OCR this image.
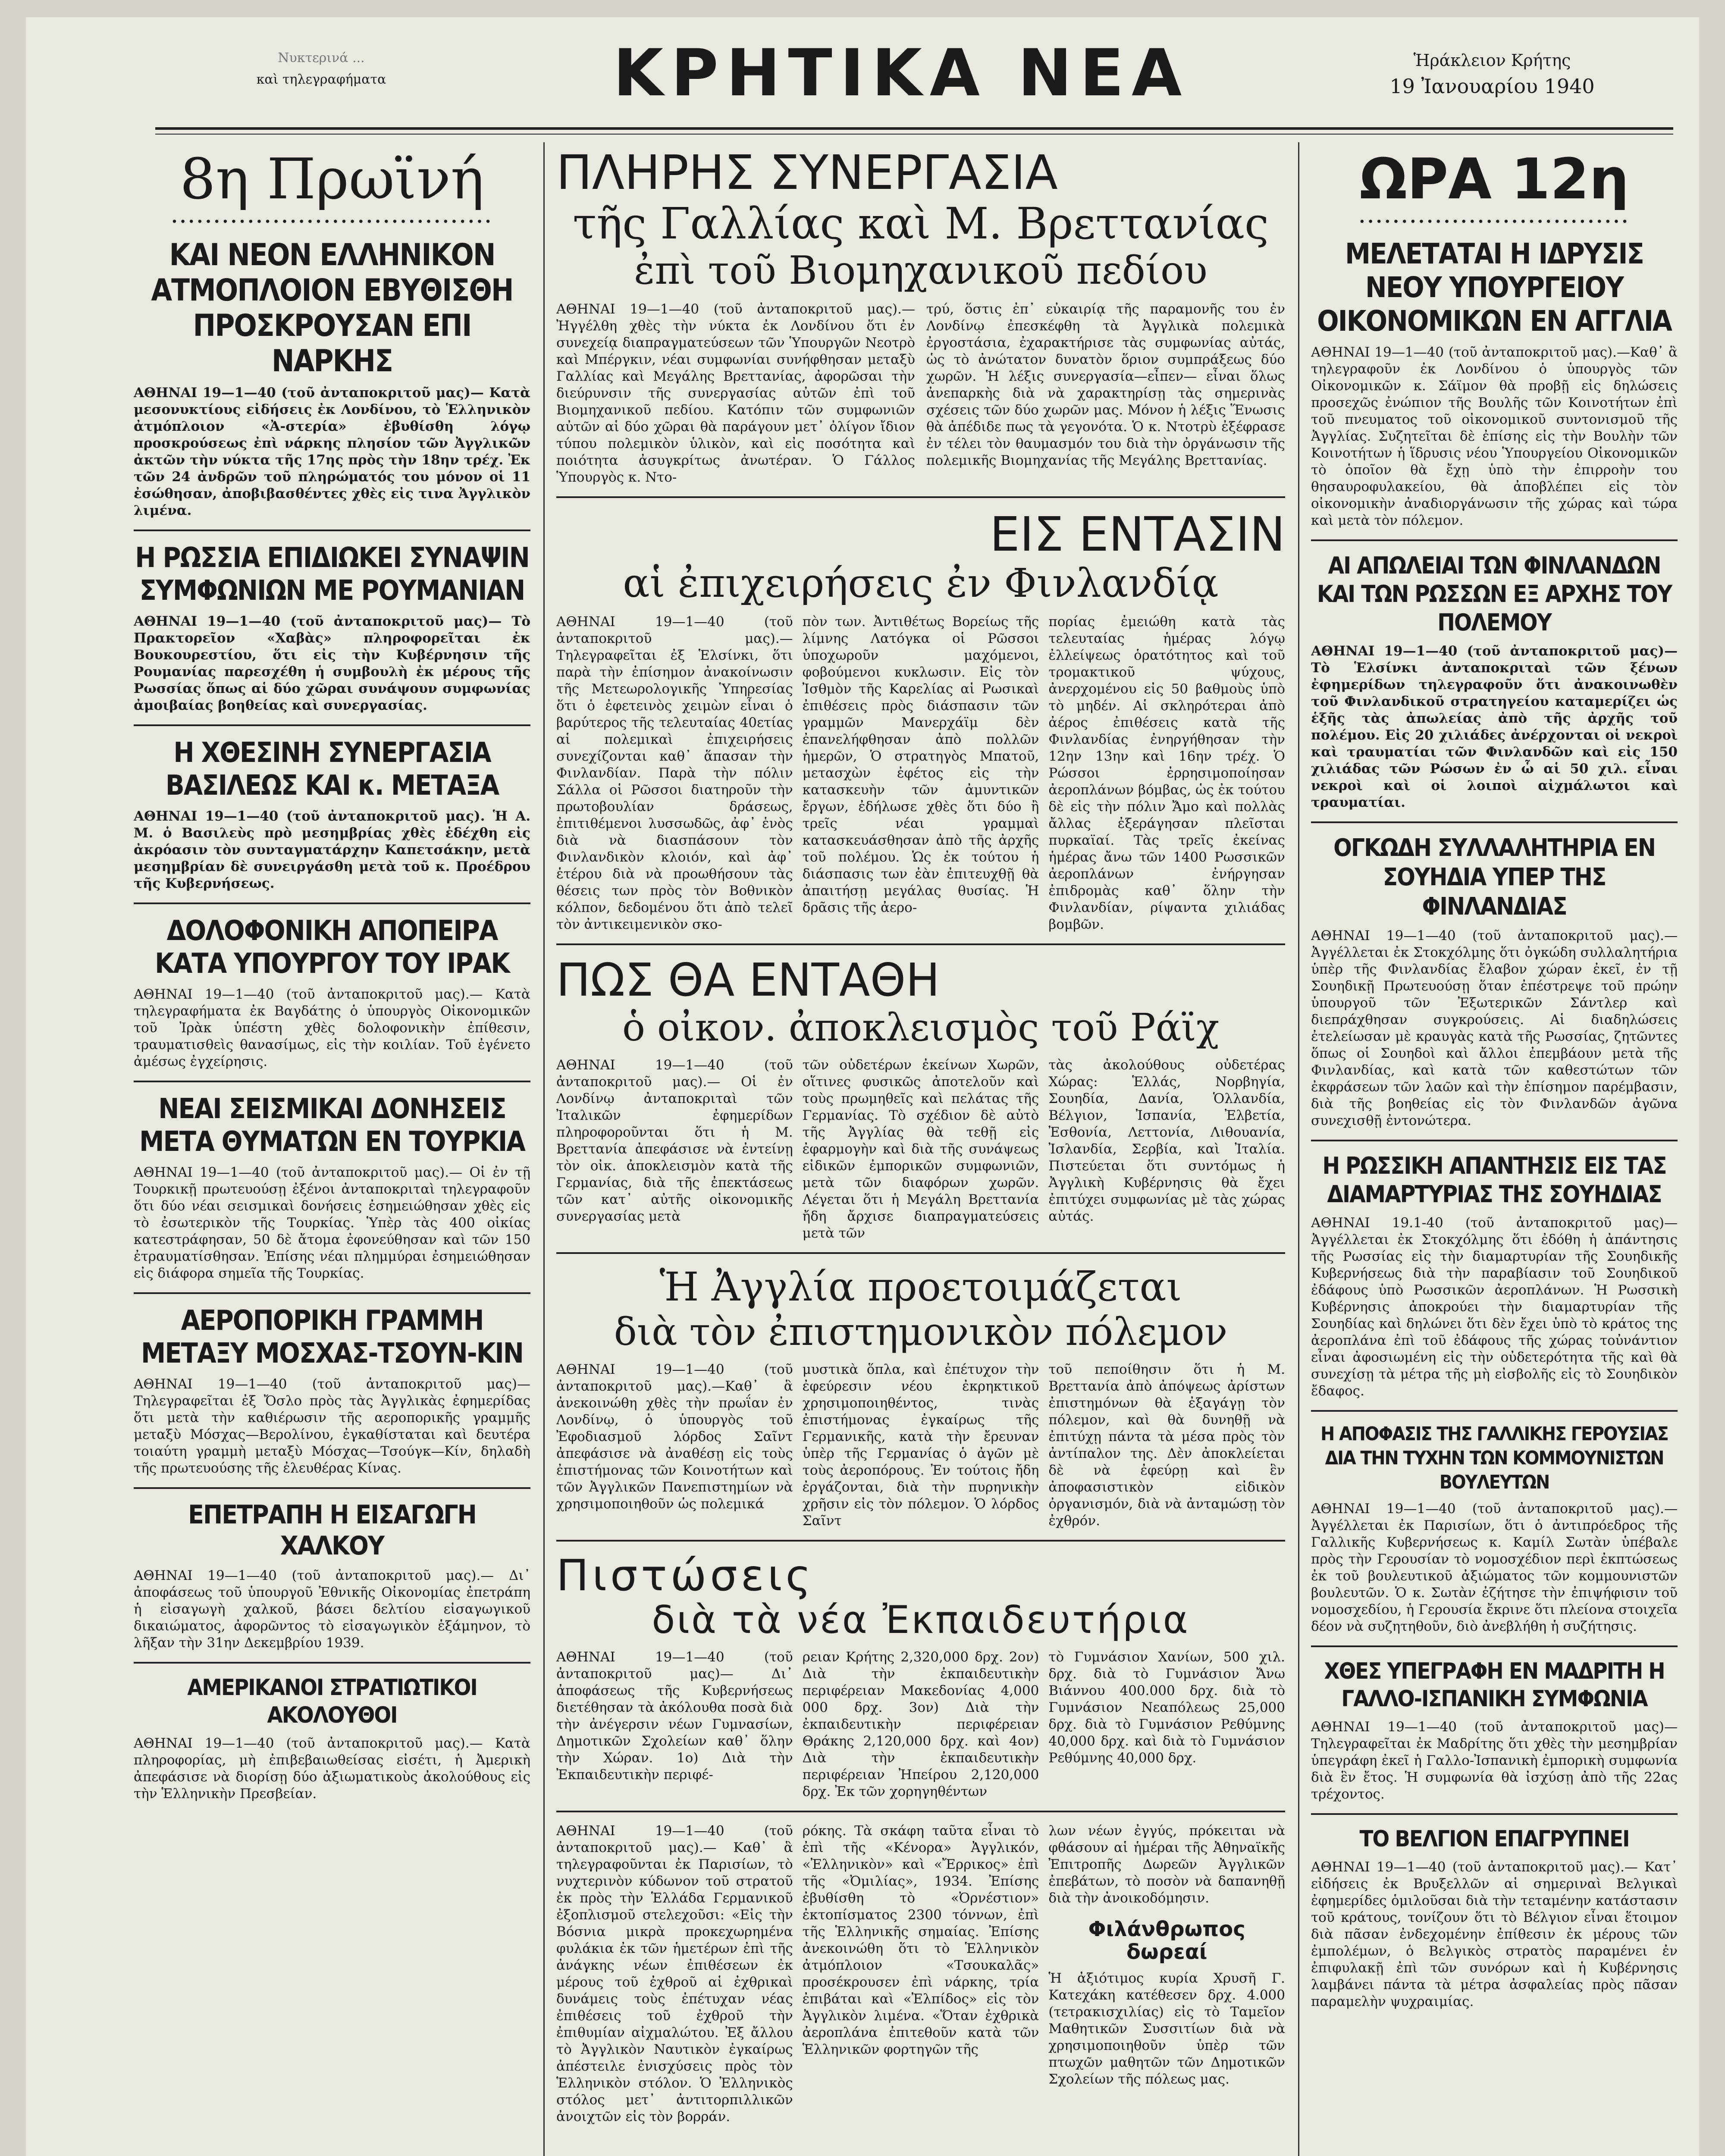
Νυκτερινά ...
καὶ τηλεγραφήματα	ΚΡΗΤΙΚΑ ΝΕΑ	Ἡράκλειον Κρήτης
19 Ἰανουαρίου 1940
8η Πρωϊνή
••••••••••••••••••••••••••••••••••••••
ΚΑΙ ΝΕΟΝ ΕΛΛΗΝΙΚΟΝ ΑΤΜΟΠΛΟΙΟΝ ΕΒΥΘΙΣΘΗ ΠΡΟΣΚΡΟΥΣΑΝ ΕΠΙ ΝΑΡΚΗΣ

ΑΘΗΝΑΙ 19—1—40 (τοῦ ἀνταποκριτοῦ μας)— Κατὰ μεσονυκτίους εἰδήσεις ἐκ Λονδίνου, τὸ Ἑλληνικὸν ἀτμόπλοιον «Ἀ-στερία» ἐβυθίσθη λόγῳ προσκρούσεως ἐπὶ νάρκης πλησίον τῶν Ἀγγλικῶν ἀκτῶν τὴν νύκτα τῆς 17ης πρὸς τὴν 18ην τρέχ. Ἐκ τῶν 24 ἀνδρῶν τοῦ πληρώματός του μόνον οἱ 11 ἐσώθησαν, ἀποβιβασθέντες χθὲς εἰς τινα Ἀγγλικὸν λιμένα.

Η ΡΩΣΣΙΑ ΕΠΙΔΙΩΚΕΙ ΣΥΝΑΨΙΝ ΣΥΜΦΩΝΙΩΝ ΜΕ ΡΟΥΜΑΝΙΑΝ

ΑΘΗΝΑΙ 19—1—40 (τοῦ ἀνταποκριτοῦ μας)— Τὸ Πρακτορεῖον «Χαβὰς» πληροφορεῖται ἐκ Βουκουρεστίου, ὅτι εἰς τὴν Κυβέρνησιν τῆς Ρουμανίας παρεσχέθη ἡ συμβουλὴ ἐκ μέρους τῆς Ρωσσίας ὅπως αἱ δύο χῶραι συνάψουν συμφωνίας ἀμοιβαίας βοηθείας καὶ συνεργασίας.

Η ΧΘΕΣΙΝΗ ΣΥΝΕΡΓΑΣΙΑ ΒΑΣΙΛΕΩΣ ΚΑΙ κ. ΜΕΤΑΞΑ

ΑΘΗΝΑΙ 19—1—40 (τοῦ ἀνταποκριτοῦ μας). Ἡ Α. Μ. ὁ Βασιλεὺς πρὸ μεσημβρίας χθὲς ἐδέχθη εἰς ἀκρόασιν τὸν συνταγματάρχην Καπετσάκην, μετὰ μεσημβρίαν δὲ συνειργάσθη μετὰ τοῦ κ. Προέδρου τῆς Κυβερνήσεως.

ΔΟΛΟΦΟΝΙΚΗ ΑΠΟΠΕΙΡΑ ΚΑΤΑ ΥΠΟΥΡΓΟΥ ΤΟΥ ΙΡΑΚ

ΑΘΗΝΑΙ 19—1—40 (τοῦ ἀνταποκριτοῦ μας).— Κατὰ τηλεγραφήματα ἐκ Βαγδάτης ὁ ὑπουργὸς Οἰκονομικῶν τοῦ Ἰρὰκ ὑπέστη χθὲς δολοφονικὴν ἐπίθεσιν, τραυματισθεὶς θανασίμως, εἰς τὴν κοιλίαν. Τοῦ ἐγένετο ἀμέσως ἐγχείρησις.

ΝΕΑΙ ΣΕΙΣΜΙΚΑΙ ΔΟΝΗΣΕΙΣ ΜΕΤΑ ΘΥΜΑΤΩΝ ΕΝ ΤΟΥΡΚΙΑ

ΑΘΗΝΑΙ 19—1—40 (τοῦ ἀνταποκριτοῦ μας).— Οἱ ἐν τῇ Τουρκικῇ πρωτευούσῃ ἐξένοι ἀνταποκριταὶ τηλεγραφοῦν ὅτι δύο νέαι σεισμικαὶ δονήσεις ἐσημειώθησαν χθὲς εἰς τὸ ἐσωτερικὸν τῆς Τουρκίας. Ὑπὲρ τὰς 400 οἰκίας κατεστράφησαν, 50 δὲ ἄτομα ἐφονεύθησαν καὶ τῶν 150 ἐτραυματίσθησαν. Ἐπίσης νέαι πλημμύραι ἐσημειώθησαν εἰς διάφορα σημεῖα τῆς Τουρκίας.

ΑΕΡΟΠΟΡΙΚΗ ΓΡΑΜΜΗ ΜΕΤΑΞΥ ΜΟΣΧΑΣ-ΤΣΟΥΝ-ΚΙΝ

ΑΘΗΝΑΙ 19—1—40 (τοῦ ἀνταποκριτοῦ μας)— Τηλεγραφεῖται ἐξ Ὄσλο πρὸς τὰς Ἀγγλικὰς ἐφημερίδας ὅτι μετὰ τὴν καθιέρωσιν τῆς αεροπορικῆς γραμμῆς μεταξὺ Μόσχας—Βερολίνου, ἐγκαθίσταται καὶ δευτέρα τοιαύτη γραμμὴ μεταξὺ Μόσχας—Τσούγκ—Κίν, δηλαδὴ τῆς πρωτευούσης τῆς ἐλευθέρας Κίνας.

ΕΠΕΤΡΑΠΗ Η ΕΙΣΑΓΩΓΗ ΧΑΛΚΟΥ

ΑΘΗΝΑΙ 19—1—40 (τοῦ ἀνταποκριτοῦ μας).— Δι᾽ ἀποφάσεως τοῦ ὑπουργοῦ Ἐθνικῆς Οἰκονομίας ἐπετράπη ἡ εἰσαγωγὴ χαλκοῦ, βάσει δελτίου εἰσαγωγικοῦ δικαιώματος, ἀφορῶντος τὸ εἰσαγωγικὸν ἑξάμηνον, τὸ λῆξαν τὴν 31ην Δεκεμβρίου 1939.

ΑΜΕΡΙΚΑΝΟΙ ΣΤΡΑΤΙΩΤΙΚΟΙ ΑΚΟΛΟΥΘΟΙ

ΑΘΗΝΑΙ 19—1—40 (τοῦ ἀνταποκριτοῦ μας).— Κατὰ πληροφορίας, μὴ ἐπιβεβαιωθείσας εἰσέτι, ἡ Ἀμερικὴ ἀπεφάσισε νὰ διορίσῃ δύο ἀξιωματικοὺς ἀκολούθους εἰς τὴν Ἑλληνικὴν Πρεσβείαν.

ΠΛΗΡΗΣ ΣΥΝΕΡΓΑΣΙΑ
τῆς Γαλλίας καὶ Μ. Βρεττανίας
ἐπὶ τοῦ Βιομηχανικοῦ πεδίου

ΑΘΗΝΑΙ 19—1—40 (τοῦ ἀνταποκριτοῦ μας).— Ἠγγέλθη χθὲς τὴν νύκτα ἐκ Λονδίνου ὅτι ἐν συνεχείᾳ διαπραγματεύσεων τῶν Ὑπουργῶν Νεοτρὸ καὶ Μπέργκιν, νέαι συμφωνίαι συνήφθησαν μεταξὺ Γαλλίας καὶ Μεγάλης Βρεττανίας, ἀφορῶσαι τὴν διεύρυνσιν τῆς συνεργασίας αὐτῶν ἐπὶ τοῦ Βιομηχανικοῦ πεδίου. Κατόπιν τῶν συμφωνιῶν αὐτῶν αἱ δύο χῶραι θὰ παράγουν μετ᾽ ὀλίγον ἴδιον τύπου πολεμικὸν ὑλικὸν, καὶ εἰς ποσότητα καὶ ποιότητα ἀσυγκρίτως ἀνωτέραν. Ὁ Γάλλος Ὑπουργὸς κ. Ντο-

τρύ, ὅστις ἐπ᾽ εὐκαιρίᾳ τῆς παραμονῆς του ἐν Λονδίνῳ ἐπεσκέφθη τὰ Ἀγγλικὰ πολεμικὰ ἐργοστάσια, ἐχαρακτήρισε τὰς συμφωνίας αὐτάς, ὡς τὸ ἀνώτατον δυνατὸν ὅριον συμπράξεως δύο χωρῶν. Ἡ λέξις συνεργασία—εἶπεν— εἶναι ὅλως ἀνεπαρκὴς διὰ νὰ χαρακτηρίσῃ τὰς σημερινὰς σχέσεις τῶν δύο χωρῶν μας. Μόνον ἡ λέξις Ἕνωσις θὰ ἀπέδιδε πως τὰ γεγονότα. Ὁ κ. Ντοτρὺ ἐξέφρασε ἐν τέλει τὸν θαυμασμόν του διὰ τὴν ὀργάνωσιν τῆς πολεμικῆς Βιομηχανίας τῆς Μεγάλης Βρεττανίας.

ΕΙΣ ΕΝΤΑΣΙΝ
αἱ ἐπιχειρήσεις ἐν Φινλανδίᾳ

ΑΘΗΝΑΙ 19—1—40 (τοῦ ἀνταποκριτοῦ μας).— Τηλεγραφεῖται ἐξ Ἑλσίνκι, ὅτι παρὰ τὴν ἐπίσημον ἀνακοίνωσιν τῆς Μετεωρολογικῆς Ὑπηρεσίας ὅτι ὁ ἐφετεινὸς χειμὼν εἶναι ὁ βαρύτερος τῆς τελευταίας 40ετίας αἱ πολεμικαὶ ἐπιχειρήσεις συνεχίζονται καθ᾽ ἅπασαν τὴν Φινλανδίαν. Παρὰ τὴν πόλιν Σάλλα οἱ Ρῶσσοι διατηροῦν τὴν πρωτοβουλίαν δράσεως, ἐπιτιθέμενοι λυσσωδῶς, ἀφ᾽ ἑνὸς διὰ νὰ διασπάσουν τὸν Φινλανδικὸν κλοιόν, καὶ ἀφ᾽ ἑτέρου διὰ νὰ προωθήσουν τὰς θέσεις των πρὸς τὸν Βοθνικὸν κόλπον, δεδομένου ὅτι ἀπὸ τελεῖ τὸν ἀντικειμενικὸν σκο-

πὸν των. Ἀντιθέτως Βορείως τῆς λίμνης Λατόγκα οἱ Ρῶσσοι ὑποχωροῦν μαχόμενοι, φοβούμενοι κυκλωσιν. Εἰς τὸν Ἰσθμὸν τῆς Καρελίας αἱ Ρωσικαὶ ἐπιθέσεις πρὸς διάσπασιν τῶν γραμμῶν Μανερχάϊμ δὲν ἐπανελήφθησαν ἀπὸ πολλῶν ἡμερῶν, Ὁ στρατηγὸς Μπατοῦ, μετασχὼν ἐφέτος εἰς τὴν κατασκευὴν τῶν ἀμυντικῶν ἔργων, ἐδήλωσε χθὲς ὅτι δύο ἢ τρεῖς νέαι γραμμαὶ κατασκευάσθησαν ἀπὸ τῆς ἀρχῆς τοῦ πολέμου. Ὡς ἐκ τούτου ἡ διάσπασις των ἐὰν ἐπιτευχθῇ θὰ ἀπαιτήσῃ μεγάλας θυσίας. Ἡ δρᾶσις τῆς ἀερο-

πορίας ἐμειώθη κατὰ τὰς τελευταίας ἡμέρας λόγῳ ἐλλείψεως ὁρατότητος καὶ τοῦ τρομακτικοῦ ψύχους, ἀνερχομένου εἰς 50 βαθμοὺς ὑπὸ τὸ μηδέν. Αἱ σκληρότεραι ἀπὸ ἀέρος ἐπιθέσεις κατὰ τῆς Φινλανδίας ἐνηργήθησαν τὴν 12ην 13ην καὶ 16ην τρέχ. Ὁ Ρώσσοι ἐρρησιμοποίησαν ἀεροπλάνων βόμβας, ὡς ἐκ τούτου δὲ εἰς τὴν πόλιν Ἄμο καὶ πολλὰς ἄλλας ἐξεράγησαν πλεῖσται πυρκαϊαί. Τὰς τρεῖς ἐκείνας ἡμέρας ἄνω τῶν 1400 Ρωσσικῶν ἀεροπλάνων ἐνήργησαν ἐπιδρομὰς καθ᾽ ὅλην τὴν Φινλανδίαν, ρίψαντα χιλιάδας βομβῶν.

ΠΩΣ ΘΑ ΕΝΤΑΘΗ
ὁ οἰκον. ἀποκλεισμὸς τοῦ Ράϊχ

ΑΘΗΝΑΙ 19—1—40 (τοῦ ἀνταποκριτοῦ μας).— Οἱ ἐν Λονδίνῳ ἀνταποκριταὶ τῶν Ἰταλικῶν ἐφημερίδων πληροφοροῦνται ὅτι ἡ Μ. Βρεττανία ἀπεφάσισε νὰ ἐντείνῃ τὸν οἰκ. ἀποκλεισμὸν κατὰ τῆς Γερμανίας, διὰ τῆς ἐπεκτάσεως τῶν κατ᾽ αὐτῆς οἰκονομικῆς συνεργασίας μετὰ

τῶν οὐδετέρων ἐκείνων Χωρῶν, οἵτινες φυσικῶς ἀποτελοῦν καὶ τοὺς πρωμηθεῖς καὶ πελάτας τῆς Γερμανίας. Τὸ σχέδιον δὲ αὐτὸ τῆς Ἀγγλίας θὰ τεθῇ εἰς ἐφαρμογὴν καὶ διὰ τῆς συνάψεως εἰδικῶν ἐμπορικῶν συμφωνιῶν, μετὰ τῶν διαφόρων χωρῶν. Λέγεται ὅτι ἡ Μεγάλη Βρεττανία ἤδη ἄρχισε διαπραγματεύσεις μετὰ τῶν

τὰς ἀκολούθους οὐδετέρας Χώρας: Ἑλλάς, Νορβηγία, Σουηδία, Δανία, Ὁλλανδία, Βέλγιον, Ἰσπανία, Ἐλβετία, Ἐσθονία, Λεττονία, Λιθουανία, Ἰσλανδία, Σερβία, καὶ Ἰταλία. Πιστεύεται ὅτι συντόμως ἡ Ἀγγλικὴ Κυβέρνησις θὰ ἔχει ἐπιτύχει συμφωνίας μὲ τὰς χώρας αὐτάς.

Ἡ Ἀγγλία προετοιμάζεται
διὰ τὸν ἐπιστημονικὸν πόλεμον

ΑΘΗΝΑΙ 19—1—40 (τοῦ ἀνταποκριτοῦ μας).—Καθ᾽ ἃ ἀνεκοινώθη χθὲς τὴν πρωΐαν ἐν Λονδίνῳ, ὁ ὑπουργὸς τοῦ Ἐφοδιασμοῦ λόρδος Σαῖντ ἀπεφάσισε νὰ ἀναθέσῃ εἰς τοὺς ἐπιστήμονας τῶν Κοινοτήτων καὶ τῶν Ἀγγλικῶν Πανεπιστημίων νὰ χρησιμοποιηθοῦν ὡς πολεμικά

μυστικὰ ὅπλα, καὶ ἐπέτυχον τὴν ἐφεύρεσιν νέου ἐκρηκτικοῦ χρησιμοποιηθέντος, τινὰς ἐπιστήμονας ἐγκαίρως τῆς Γερμανικῆς, κατὰ τὴν ἔρευναν ὑπὲρ τῆς Γερμανίας ὁ ἀγῶν μὲ τοὺς ἀεροπόρους. Ἐν τούτοις ἤδη ἐργάζονται, διὰ τὴν πυρηνικὴν χρῆσιν εἰς τὸν πόλεμον. Ὁ λόρδος Σαῖντ

τοῦ πεποίθησιν ὅτι ἡ Μ. Βρεττανία ἀπὸ ἀπόψεως ἀρίστων ἐπιστημόνων θὰ ἐξαγάγῃ τὸν πόλεμον, καὶ θὰ δυνηθῇ νὰ ἐπιτύχῃ πάντα τὰ μέσα πρὸς τὸν ἀντίπαλον της. Δὲν ἀποκλείεται δὲ νὰ ἐφεύρῃ καὶ ἓν ἀποφασιστικὸν εἰδικὸν ὀργανισμόν, διὰ νὰ ἀνταμώσῃ τὸν ἐχθρόν.

Πιστώσεις
διὰ τὰ νέα Ἐκπαιδευτήρια

ΑΘΗΝΑΙ 19—1—40 (τοῦ ἀνταποκριτοῦ μας)— Δι᾽ ἀποφάσεως τῆς Κυβερνήσεως διετέθησαν τὰ ἀκόλουθα ποσὰ διὰ τὴν ἀνέγερσιν νέων Γυμνασίων, Δημοτικῶν Σχολείων καθ᾽ ὅλην τὴν Χώραν. 1ο) Διὰ τὴν Ἐκπαιδευτικὴν περιφέ-

ρειαν Κρήτης 2,320,000 δρχ. 2ον) Διὰ τὴν ἐκπαιδευτικὴν περιφέρειαν Μακεδονίας 4,000 000 δρχ. 3ον) Διὰ τὴν ἐκπαιδευτικὴν περιφέρειαν Θράκης 2,120,000 δρχ. καὶ 4ον) Διὰ τὴν ἐκπαιδευτικὴν περιφέρειαν Ἠπείρου 2,120,000 δρχ. Ἐκ τῶν χορηγηθέντων

τὸ Γυμνάσιον Χανίων, 500 χιλ. δρχ. διὰ τὸ Γυμνάσιον Ἄνω Βιάννου 400.000 δρχ. διὰ τὸ Γυμνάσιον Νεαπόλεως 25,000 δρχ. διὰ τὸ Γυμνάσιον Ρεθύμνης 40,000 δρχ. καὶ διὰ τὸ Γυμνάσιον Ρεθύμνης 40,000 δρχ.

ΑΘΗΝΑΙ 19—1—40 (τοῦ ἀνταποκριτοῦ μας).— Καθ᾽ ἃ τηλεγραφοῦνται ἐκ Παρισίων, τὸ νυχτερινὸν κύδωνον τοῦ στρατοῦ ἐκ πρὸς τὴν Ἑλλάδα Γερμανικοῦ ἐξοπλισμοῦ στελεχοῦσι: «Εἰς τὴν Βόσνια μικρὰ προκεχωρημένα φυλάκια ἐκ τῶν ἡμετέρων ἐπὶ τῆς ἀνάγκης νέων ἐπιθέσεων ἐκ μέρους τοῦ ἐχθροῦ αἱ ἐχθρικαὶ δυνάμεις τοὺς ἐπέτυχαν νέας ἐπιθέσεις τοῦ ἐχθροῦ τὴν ἐπιθυμίαν αἰχμαλώτου. Ἐξ ἄλλου τὸ Ἀγγλικὸν Ναυτικὸν ἐγκαίρως ἀπέστειλε ἐνισχύσεις πρὸς τὸν Ἑλληνικὸν στόλον. Ὁ Ἑλληνικὸς στόλος μετ᾽ ἀντιτορπιλλικῶν ἀνοιχτῶν εἰς τὸν βορράν.

ρόκης. Τὰ σκάφη ταῦτα εἶναι τὸ ἐπὶ τῆς «Κένορα» Ἀγγλικόν, «Ἐλληνικὸν» καὶ «Ἔρρικος» ἐπὶ τῆς «Ὀμιλίας», 1934. Ἐπίσης ἐβυθίσθη τὸ «Ὀρνέστιον» ἐκτοπίσματος 2300 τόννων, ἐπὶ τῆς Ἑλληνικῆς σημαίας. Ἐπίσης ἀνεκοινώθη ὅτι τὸ Ἑλληνικὸν ἀτμόπλοιον «Τσουκαλᾶς» προσέκρουσεν ἐπὶ νάρκης, τρία ἐπιβάται καὶ «Ἐλπίδος» εἰς τὸν Ἀγγλικὸν λιμένα. «Ὅταν ἐχθρικὰ ἀεροπλάνα ἐπιτεθοῦν κατὰ τῶν Ἑλληνικῶν φορτηγῶν τῆς

λων νέων ἐγγύς, πρόκειται νὰ φθάσουν αἱ ἡμέραι τῆς Ἀθηναϊκῆς Ἐπιτροπῆς Δωρεῶν Ἀγγλικῶν ἐπεβάτων, τὸ ποσὸν νὰ δαπανηθῇ διὰ τὴν ἀνοικοδόμησιν.

Φιλάνθρωπος δωρεαί

Ἡ ἀξιότιμος κυρία Χρυσῆ Γ. Κατεχάκη κατέθεσεν δρχ. 4.000 (τετρακισχιλίας) εἰς τὸ Ταμεῖον Μαθητικῶν Συσσιτίων διὰ νὰ χρησιμοποιηθοῦν ὑπὲρ τῶν πτωχῶν μαθητῶν τῶν Δημοτικῶν Σχολείων τῆς πόλεως μας.

ΩΡΑ 12η
••••••••••••••••••••••••••••••••
ΜΕΛΕΤΑΤΑΙ Η ΙΔΡΥΣΙΣ ΝΕΟΥ ΥΠΟΥΡΓΕΙΟΥ ΟΙΚΟΝΟΜΙΚΩΝ ΕΝ ΑΓΓΛΙΑ

ΑΘΗΝΑΙ 19—1—40 (τοῦ ἀνταποκριτοῦ μας).—Καθ᾽ ἃ τηλεγραφοῦν ἐκ Λονδίνου ὁ ὑπουργὸς τῶν Οἰκονομικῶν κ. Σάϊμον θὰ προβῇ εἰς δηλώσεις προσεχῶς ἐνώπιον τῆς Βουλῆς τῶν Κοινοτήτων ἐπὶ τοῦ πνευματος τοῦ οἰκονομικοῦ συντονισμοῦ τῆς Ἀγγλίας. Συζητεῖται δὲ ἐπίσης εἰς τὴν Βουλὴν τῶν Κοινοτήτων ἡ ἵδρυσις νέου Ὑπουργείου Οἰκονομικῶν τὸ ὁποῖον θὰ ἔχῃ ὑπὸ τὴν ἐπιρροὴν του θησαυροφυλακείου, θὰ ἀποβλέπει εἰς τὸν οἰκονομικὴν ἀναδιοργάνωσιν τῆς χώρας καὶ τώρα καὶ μετὰ τὸν πόλεμον.

ΑΙ ΑΠΩΛΕΙΑΙ ΤΩΝ ΦΙΝΛΑΝΔΩΝ ΚΑΙ ΤΩΝ ΡΩΣΣΩΝ ΕΞ ΑΡΧΗΣ ΤΟΥ ΠΟΛΕΜΟΥ

ΑΘΗΝΑΙ 19—1—40 (τοῦ ἀνταποκριτοῦ μας)— Τὸ Ἑλσίνκι ἀνταποκριταὶ τῶν ξένων ἐφημερίδων τηλεγραφοῦν ὅτι ἀνακοινωθὲν τοῦ Φινλανδικοῦ στρατηγείου καταμερίζει ὡς ἑξῆς τὰς ἀπωλείας ἀπὸ τῆς ἀρχῆς τοῦ πολέμου. Εἰς 20 χιλιάδες ἀνέρχονται οἱ νεκροὶ καὶ τραυματίαι τῶν Φινλανδῶν καὶ εἰς 150 χιλιάδας τῶν Ρώσων ἐν ὧ αἱ 50 χιλ. εἶναι νεκροὶ καὶ οἱ λοιποὶ αἰχμάλωτοι καὶ τραυματίαι.

ΟΓΚΩΔΗ ΣΥΛΛΑΛΗΤΗΡΙΑ ΕΝ ΣΟΥΗΔΙΑ ΥΠΕΡ ΤΗΣ ΦΙΝΛΑΝΔΙΑΣ

ΑΘΗΝΑΙ 19—1—40 (τοῦ ἀνταποκριτοῦ μας).—Ἀγγέλλεται ἐκ Στοκχόλμης ὅτι ὀγκώδη συλλαλητήρια ὑπὲρ τῆς Φινλανδίας ἔλαβον χώραν ἐκεῖ, ἐν τῇ Σουηδικῇ Πρωτευούσῃ ὅταν ἐπέστρεψε τοῦ πρώην ὑπουργοῦ τῶν Ἐξωτερικῶν Σάντλερ καὶ διεπράχθησαν συγκρούσεις. Αἱ διαδηλώσεις ἐτελείωσαν μὲ κραυγὰς κατὰ τῆς Ρωσσίας, ζητῶντες ὅπως οἱ Σουηδοὶ καὶ ἄλλοι ἐπεμβάουν μετὰ τῆς Φινλανδίας, καὶ κατὰ τῶν καθεστώτων τῶν ἐκφράσεων τῶν λαῶν καὶ τὴν ἐπίσημον παρέμβασιν, διὰ τῆς βοηθείας εἰς τὸν Φινλανδῶν ἀγῶνα συνεχισθῇ ἐντονώτερα.

Η ΡΩΣΣΙΚΗ ΑΠΑΝΤΗΣΙΣ ΕΙΣ ΤΑΣ ΔΙΑΜΑΡΤΥΡΙΑΣ ΤΗΣ ΣΟΥΗΔΙΑΣ

ΑΘΗΝΑΙ 19.1-40 (τοῦ ἀνταποκριτοῦ μας)—Ἀγγέλλεται ἐκ Στοκχόλμης ὅτι ἐδόθη ἡ ἀπάντησις τῆς Ρωσσίας εἰς τὴν διαμαρτυρίαν τῆς Σουηδικῆς Κυβερνήσεως διὰ τὴν παραβίασιν τοῦ Σουηδικοῦ ἐδάφους ὑπὸ Ρωσσικῶν ἀεροπλάνων. Ἡ Ρωσσικὴ Κυβέρνησις ἀποκρούει τὴν διαμαρτυρίαν τῆς Σουηδίας καὶ δηλώνει ὅτι δὲν ἔχει ὑπὸ τὸ κράτος της ἀεροπλάνα ἐπὶ τοῦ ἐδάφους τῆς χώρας τοὐνάντιον εἶναι ἀφοσιωμένη εἰς τὴν οὐδετερότητα τῆς καὶ θὰ συνεχίσῃ τὰ μέτρα τῆς μὴ εἰσβολῆς εἰς τὸ Σουηδικὸν ἔδαφος.

Η ΑΠΟΦΑΣΙΣ ΤΗΣ ΓΑΛΛΙΚΗΣ ΓΕΡΟΥΣΙΑΣ ΔΙΑ ΤΗΝ ΤΥΧΗΝ ΤΩΝ ΚΟΜΜΟΥΝΙΣΤΩΝ ΒΟΥΛΕΥΤΩΝ

ΑΘΗΝΑΙ 19—1—40 (τοῦ ἀνταποκριτοῦ μας).—Ἀγγέλλεται ἐκ Παρισίων, ὅτι ὁ ἀντιπρόεδρος τῆς Γαλλικῆς Κυβερνήσεως κ. Καμίλ Σωτὰν ὑπέβαλε πρὸς τὴν Γερουσίαν τὸ νομοσχέδιον περὶ ἐκπτώσεως ἐκ τοῦ βουλευτικοῦ ἀξιώματος τῶν κομμουνιστῶν βουλευτῶν. Ὁ κ. Σωτὰν ἐζήτησε τὴν ἐπιψήφισιν τοῦ νομοσχεδίου, ἡ Γερουσία ἔκρινε ὅτι πλείονα στοιχεῖα δέον νὰ συζητηθοῦν, διὸ ἀνεβλήθη ἡ συζήτησις.

ΧΘΕΣ ΥΠΕΓΡΑΦΗ ΕΝ ΜΑΔΡΙΤΗ Η ΓΑΛΛΟ-ΙΣΠΑΝΙΚΗ ΣΥΜΦΩΝΙΑ

ΑΘΗΝΑΙ 19—1—40 (τοῦ ἀνταποκριτοῦ μας)— Τηλεγραφεῖται ἐκ Μαδρίτης ὅτι χθὲς τὴν μεσημβρίαν ὑπεγράφη ἐκεῖ ἡ Γαλλο-Ἰσπανικὴ ἐμπορικὴ συμφωνία διὰ ἓν ἔτος. Ἡ συμφωνία θὰ ἰσχύσῃ ἀπὸ τῆς 22ας τρέχοντος.

ΤΟ ΒΕΛΓΙΟΝ ΕΠΑΓΡΥΠΝΕΙ

ΑΘΗΝΑΙ 19—1—40 (τοῦ ἀνταποκριτοῦ μας).— Κατ᾽ εἰδήσεις ἐκ Βρυξελλῶν αἱ σημεριναὶ Βελγικαὶ ἐφημερίδες ὁμιλοῦσαι διὰ τὴν τεταμένην κατάστασιν τοῦ κράτους, τονίζουν ὅτι τὸ Βέλγιον εἶναι ἕτοιμον διὰ πᾶσαν ἐνδεχομένην ἐπίθεσιν ἐκ μέρους τῶν ἐμπολέμων, ὁ Βελγικὸς στρατὸς παραμένει ἐν ἐπιφυλακῇ ἐπὶ τῶν συνόρων καὶ ἡ Κυβέρνησις λαμβάνει πάντα τὰ μέτρα ἀσφαλείας πρὸς πᾶσαν παραμελὴν ψυχραιμίας.
